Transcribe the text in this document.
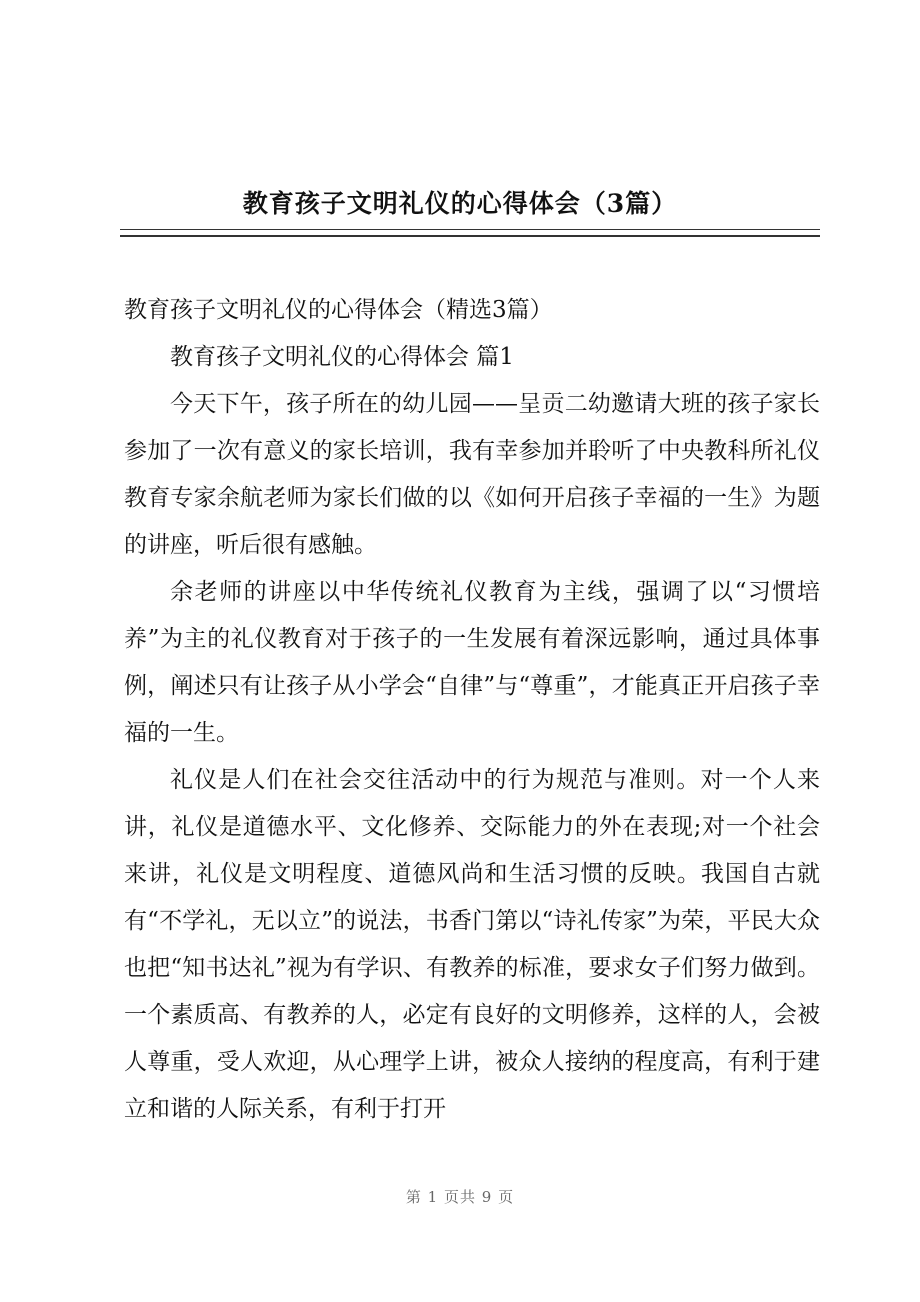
教育孩子文明礼仪的心得体会（3篇）

教育孩子文明礼仪的心得体会（精选3篇）

教育孩子文明礼仪的心得体会 篇1

今天下午，孩子所在的幼儿园——呈贡二幼邀请大班的孩子家长参加了一次有意义的家长培训，我有幸参加并聆听了中央教科所礼仪教育专家余航老师为家长们做的以《如何开启孩子幸福的一生》为题的讲座，听后很有感触。

余老师的讲座以中华传统礼仪教育为主线，强调了以“习惯培养”为主的礼仪教育对于孩子的一生发展有着深远影响，通过具体事例，阐述只有让孩子从小学会“自律”与“尊重”，才能真正开启孩子幸福的一生。

礼仪是人们在社会交往活动中的行为规范与准则。对一个人来讲，礼仪是道德水平、文化修养、交际能力的外在表现;对一个社会来讲，礼仪是文明程度、道德风尚和生活习惯的反映。我国自古就有“不学礼，无以立”的说法，书香门第以“诗礼传家”为荣，平民大众也把“知书达礼”视为有学识、有教养的标准，要求女子们努力做到。一个素质高、有教养的人，必定有良好的文明修养，这样的人，会被人尊重，受人欢迎，从心理学上讲，被众人接纳的程度高，有利于建立和谐的人际关系，有利于打开

第 1 页共 9 页
